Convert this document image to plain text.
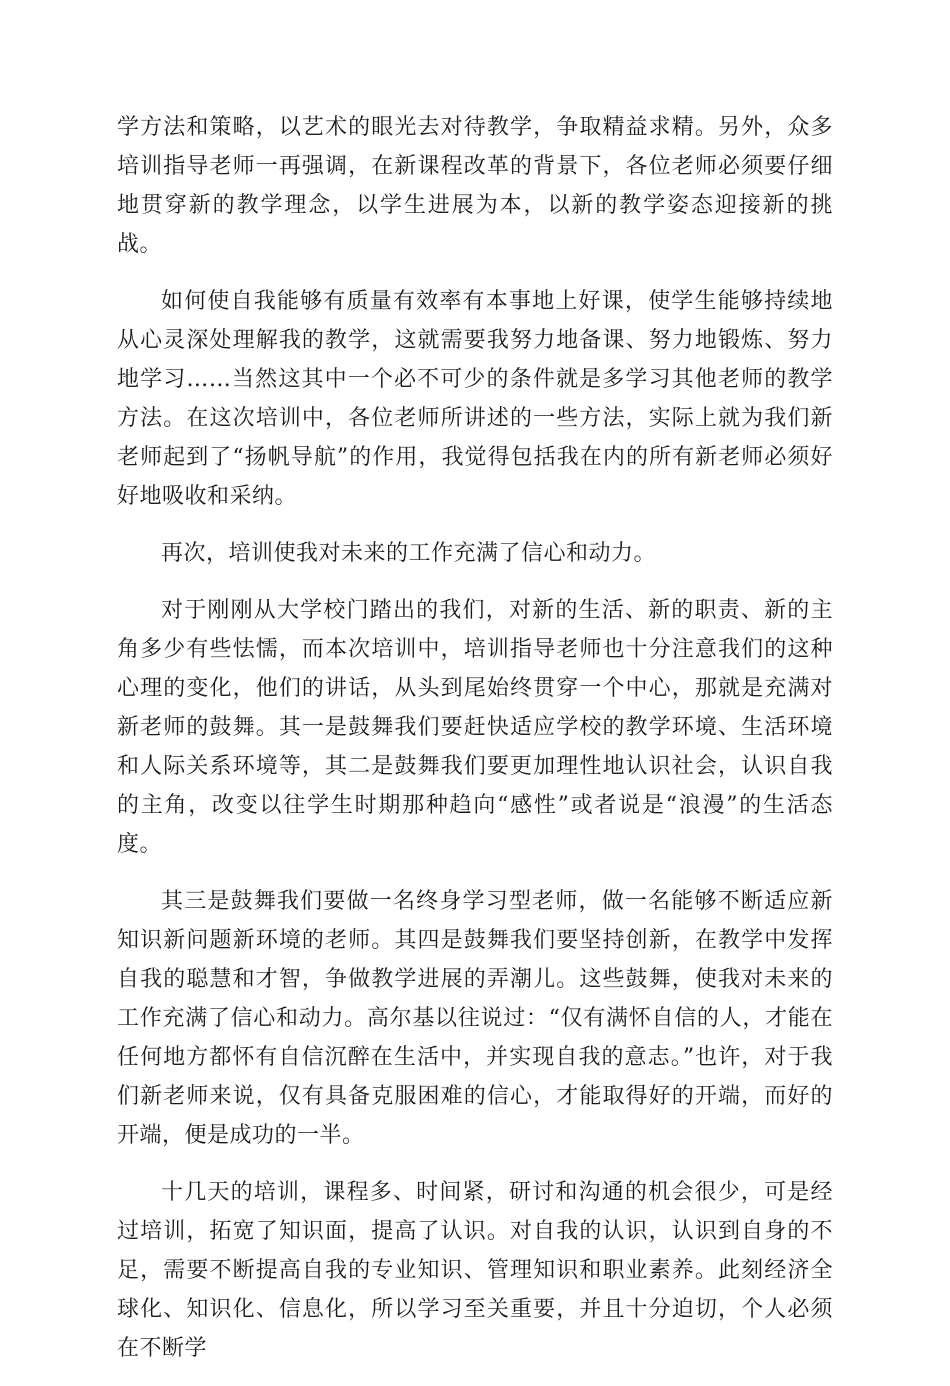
学方法和策略，以艺术的眼光去对待教学，争取精益求精。另外，众多培训指导老师一再强调，在新课程改革的背景下，各位老师必须要仔细地贯穿新的教学理念，以学生进展为本，以新的教学姿态迎接新的挑战。

如何使自我能够有质量有效率有本事地上好课，使学生能够持续地从心灵深处理解我的教学，这就需要我努力地备课、努力地锻炼、努力地学习……当然这其中一个必不可少的条件就是多学习其他老师的教学方法。在这次培训中，各位老师所讲述的一些方法，实际上就为我们新老师起到了“扬帆导航”的作用，我觉得包括我在内的所有新老师必须好好地吸收和采纳。

再次，培训使我对未来的工作充满了信心和动力。

对于刚刚从大学校门踏出的我们，对新的生活、新的职责、新的主角多少有些怯懦，而本次培训中，培训指导老师也十分注意我们的这种心理的变化，他们的讲话，从头到尾始终贯穿一个中心，那就是充满对新老师的鼓舞。其一是鼓舞我们要赶快适应学校的教学环境、生活环境和人际关系环境等，其二是鼓舞我们要更加理性地认识社会，认识自我的主角，改变以往学生时期那种趋向“感性”或者说是“浪漫”的生活态度。

其三是鼓舞我们要做一名终身学习型老师，做一名能够不断适应新知识新问题新环境的老师。其四是鼓舞我们要坚持创新，在教学中发挥自我的聪慧和才智，争做教学进展的弄潮儿。这些鼓舞，使我对未来的工作充满了信心和动力。高尔基以往说过：“仅有满怀自信的人，才能在任何地方都怀有自信沉醉在生活中，并实现自我的意志。”也许，对于我们新老师来说，仅有具备克服困难的信心，才能取得好的开端，而好的开端，便是成功的一半。

十几天的培训，课程多、时间紧，研讨和沟通的机会很少，可是经过培训，拓宽了知识面，提高了认识。对自我的认识，认识到自身的不足，需要不断提高自我的专业知识、管理知识和职业素养。此刻经济全球化、知识化、信息化，所以学习至关重要，并且十分迫切，个人必须在不断学
